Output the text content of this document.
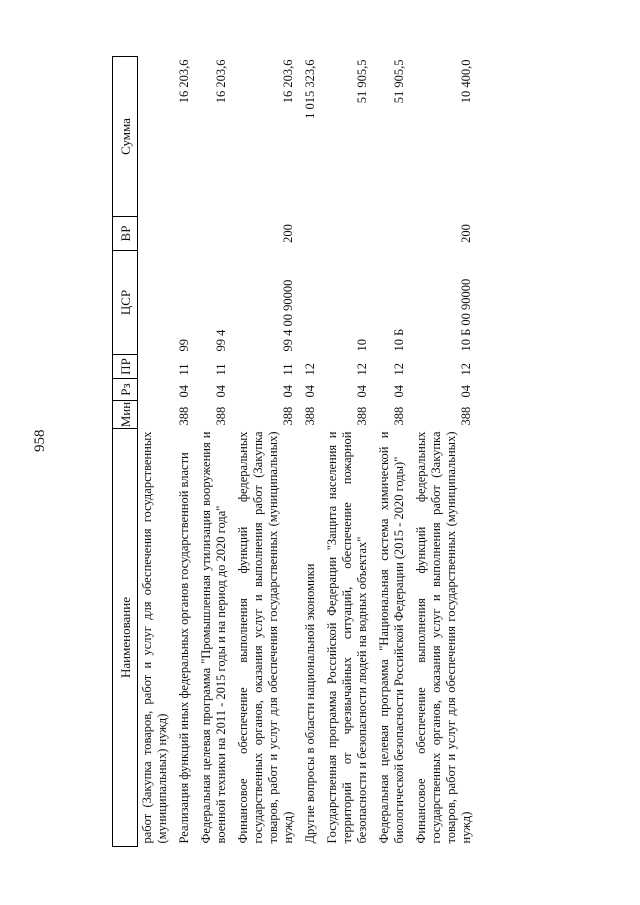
958
Наименование	Мин	Рз	ПР	ЦСР	ВР	Сумма
работ (Закупка товаров, работ и услуг для обеспечения государственных (муниципальных) нужд)						
Реализация функций иных федеральных органов государственной власти	388	04	11	99		16 203,6
Федеральная целевая программа "Промышленная утилизация вооружения и военной техники на 2011 - 2015 годы и на период до 2020 года"	388	04	11	99 4		16 203,6
Финансовое обеспечение выполнения функций федеральных государственных органов, оказания услуг и выполнения работ (Закупка товаров, работ и услуг для обеспечения государственных (муниципальных) нужд)	388	04	11	99 4 00 90000	200	16 203,6
Другие вопросы в области национальной экономики	388	04	12			1 015 323,6
Государственная программа Российской Федерации "Защита населения и территорий от чрезвычайных ситуаций, обеспечение пожарной безопасности и безопасности людей на водных объектах"	388	04	12	10		51 905,5
Федеральная целевая программа "Национальная система химической и биологической безопасности Российской Федерации (2015 - 2020 годы)"	388	04	12	10 Б		51 905,5
Финансовое обеспечение выполнения функций федеральных государственных органов, оказания услуг и выполнения работ (Закупка товаров, работ и услуг для обеспечения государственных (муниципальных) нужд)	388	04	12	10 Б 00 90000	200	10 400,0
